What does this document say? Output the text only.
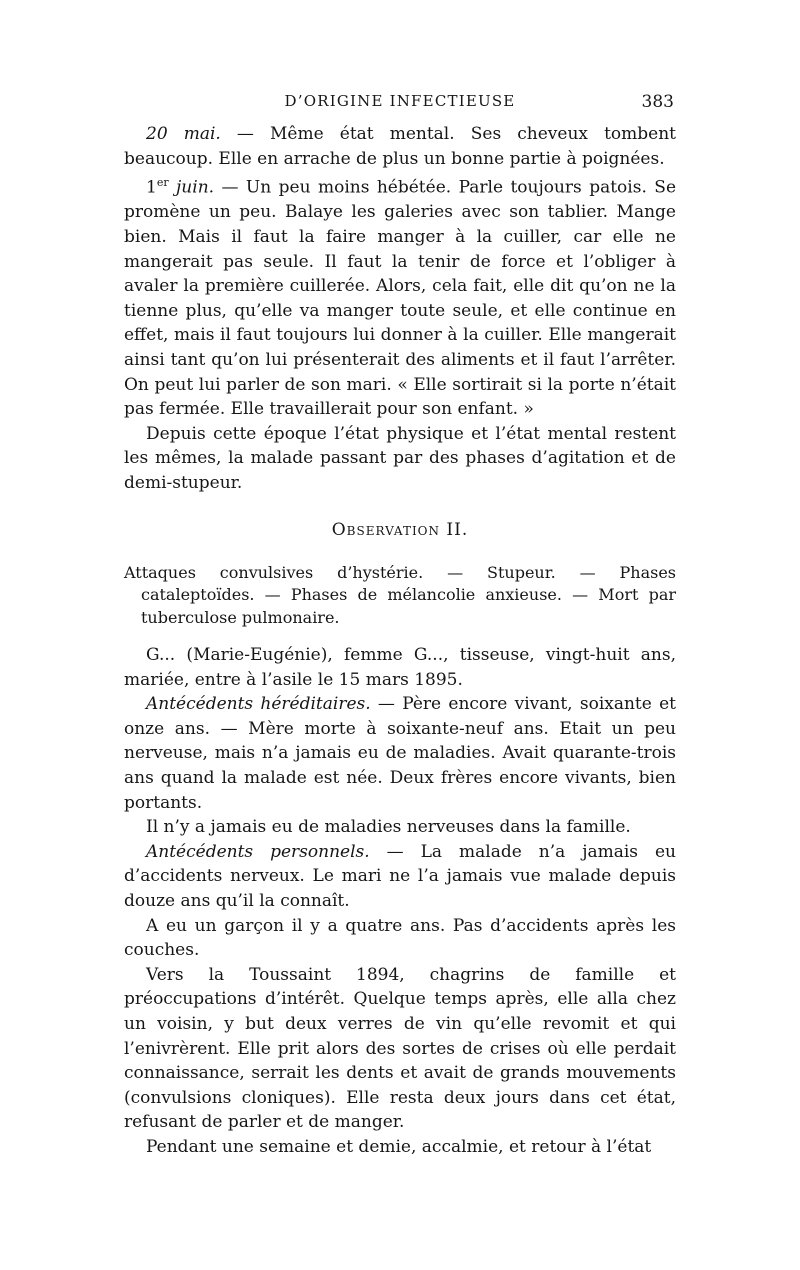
D’ORIGINE INFECTIEUSE	383

20 mai. — Même état mental. Ses cheveux tombent beaucoup. Elle en arrache de plus un bonne partie à poignées.

1er juin. — Un peu moins hébétée. Parle toujours patois. Se promène un peu. Balaye les galeries avec son tablier. Mange bien. Mais il faut la faire manger à la cuiller, car elle ne mangerait pas seule. Il faut la tenir de force et l’obliger à avaler la première cuillerée. Alors, cela fait, elle dit qu’on ne la tienne plus, qu’elle va manger toute seule, et elle continue en effet, mais il faut toujours lui donner à la cuiller. Elle mangerait ainsi tant qu’on lui présenterait des aliments et il faut l’arrêter. On peut lui parler de son mari. « Elle sortirait si la porte n’était pas fermée. Elle travaillerait pour son enfant. »

Depuis cette époque l’état physique et l’état mental restent les mêmes, la malade passant par des phases d’agitation et de demi-stupeur.

Observation II.

Attaques convulsives d’hystérie. — Stupeur. — Phases cataleptoïdes. — Phases de mélancolie anxieuse. — Mort par tuberculose pulmonaire.

G... (Marie-Eugénie), femme G..., tisseuse, vingt-huit ans, mariée, entre à l’asile le 15 mars 1895.

Antécédents héréditaires. — Père encore vivant, soixante et onze ans. — Mère morte à soixante-neuf ans. Etait un peu nerveuse, mais n’a jamais eu de maladies. Avait quarante-trois ans quand la malade est née. Deux frères encore vivants, bien portants.

Il n’y a jamais eu de maladies nerveuses dans la famille.

Antécédents personnels. — La malade n’a jamais eu d’accidents nerveux. Le mari ne l’a jamais vue malade depuis douze ans qu’il la connaît.

A eu un garçon il y a quatre ans. Pas d’accidents après les couches.

Vers la Toussaint 1894, chagrins de famille et préoccupations d’intérêt. Quelque temps après, elle alla chez un voisin, y but deux verres de vin qu’elle revomit et qui l’enivrèrent. Elle prit alors des sortes de crises où elle perdait connaissance, serrait les dents et avait de grands mouvements (convulsions cloniques). Elle resta deux jours dans cet état, refusant de parler et de manger.

Pendant une semaine et demie, accalmie, et retour à l’état
